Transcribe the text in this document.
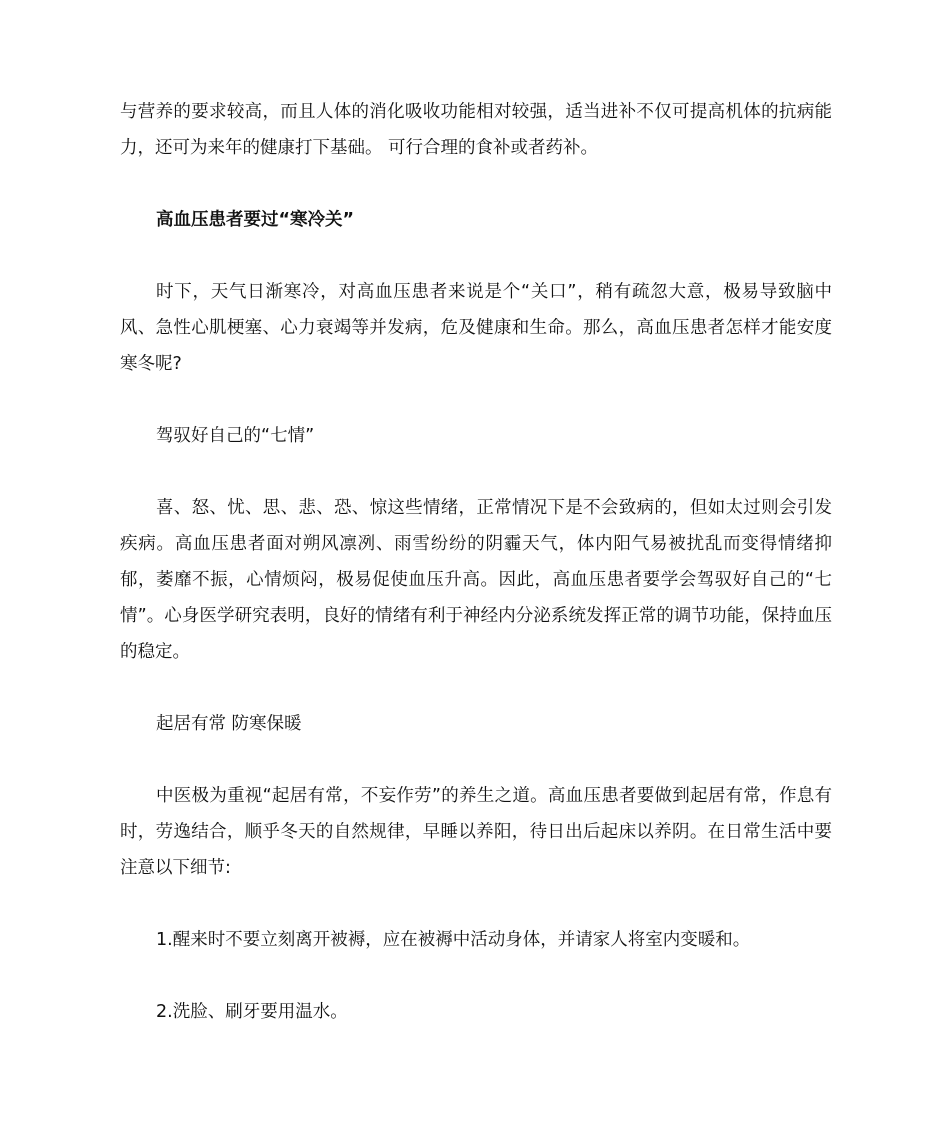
与营养的要求较高，而且人体的消化吸收功能相对较强，适当进补不仅可提高机体的抗病能力，还可为来年的健康打下基础。 可行合理的食补或者药补。

高血压患者要过“寒冷关”

时下，天气日渐寒冷，对高血压患者来说是个“关口”，稍有疏忽大意，极易导致脑中风、急性心肌梗塞、心力衰竭等并发病，危及健康和生命。那么，高血压患者怎样才能安度寒冬呢?

驾驭好自己的“七情”

喜、怒、忧、思、悲、恐、惊这些情绪，正常情况下是不会致病的，但如太过则会引发疾病。高血压患者面对朔风凛冽、雨雪纷纷的阴霾天气，体内阳气易被扰乱而变得情绪抑郁，萎靡不振，心情烦闷，极易促使血压升高。因此，高血压患者要学会驾驭好自己的“七情”。心身医学研究表明，良好的情绪有利于神经内分泌系统发挥正常的调节功能，保持血压的稳定。

起居有常 防寒保暖

中医极为重视“起居有常，不妄作劳”的养生之道。高血压患者要做到起居有常，作息有时，劳逸结合，顺乎冬天的自然规律，早睡以养阳，待日出后起床以养阴。在日常生活中要注意以下细节:

1.醒来时不要立刻离开被褥，应在被褥中活动身体，并请家人将室内变暖和。

2.洗脸、刷牙要用温水。
